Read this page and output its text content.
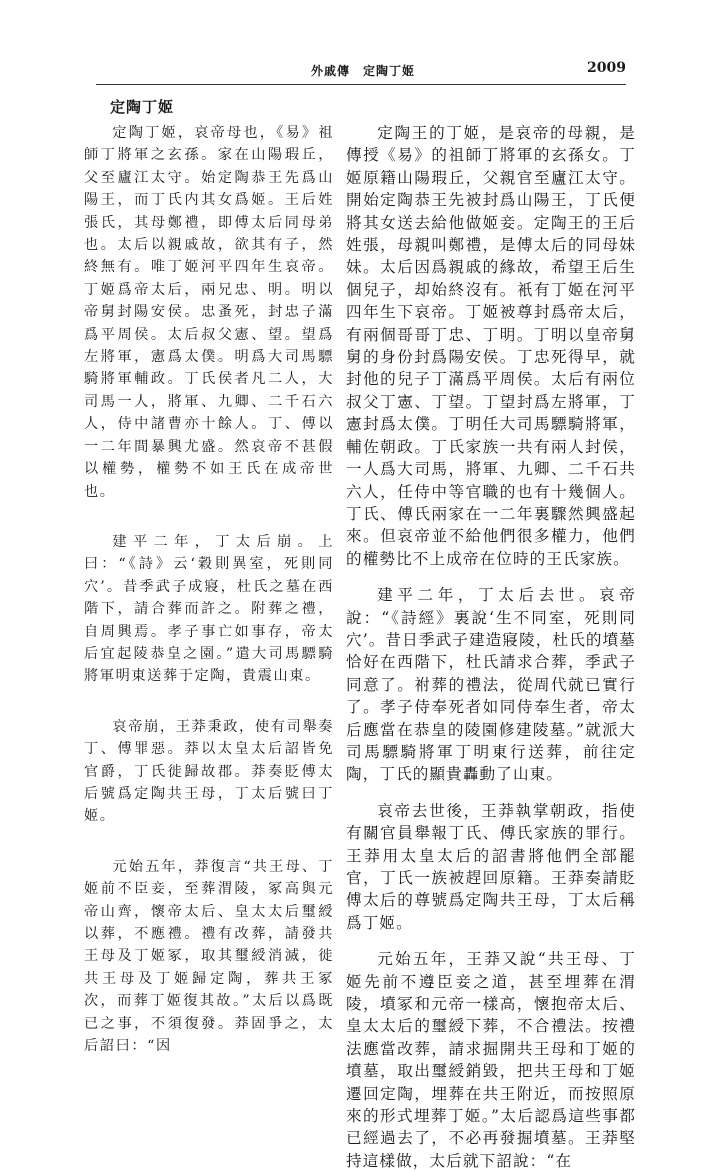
外戚傳　定陶丁姬	2009
定陶丁姬

定陶丁姬，哀帝母也，《易》祖師丁將軍之玄孫。家在山陽瑕丘，父至廬江太守。始定陶恭王先爲山陽王，而丁氏内其女爲姬。王后姓張氏，其母鄭禮，即傅太后同母弟也。太后以親戚故，欲其有子，然終無有。唯丁姬河平四年生哀帝。丁姬爲帝太后，兩兄忠、明。明以帝舅封陽安侯。忠蚤死，封忠子滿爲平周侯。太后叔父憲、望。望爲左將軍，憲爲太僕。明爲大司馬驃騎將軍輔政。丁氏侯者凡二人，大司馬一人，將軍、九卿、二千石六人，侍中諸曹亦十餘人。丁、傅以一二年間暴興尤盛。然哀帝不甚假以權勢，權勢不如王氏在成帝世也。

建平二年，丁太后崩。上曰：“《詩》云‘穀則異室，死則同穴’。昔季武子成寢，杜氏之墓在西階下，請合葬而許之。附葬之禮，自周興焉。孝子事亡如事存，帝太后宜起陵恭皇之園。”遣大司馬驃騎將軍明東送葬于定陶，貴震山東。

哀帝崩，王莽秉政，使有司舉奏丁、傅罪惡。莽以太皇太后詔皆免官爵，丁氏徙歸故郡。莽奏貶傅太后號爲定陶共王母，丁太后號曰丁姬。

元始五年，莽復言“共王母、丁姬前不臣妾，至葬渭陵，冢高與元帝山齊，懷帝太后、皇太太后璽綬以葬，不應禮。禮有改葬，請發共王母及丁姬冢，取其璽綬消滅，徙共王母及丁姬歸定陶，葬共王冢次，而葬丁姬復其故。”太后以爲既已之事，不須復發。莽固爭之，太后詔曰：“因

定陶王的丁姬，是哀帝的母親，是傳授《易》的祖師丁將軍的玄孫女。丁姬原籍山陽瑕丘，父親官至廬江太守。開始定陶恭王先被封爲山陽王，丁氏便將其女送去給他做姬妾。定陶王的王后姓張，母親叫鄭禮，是傅太后的同母妹妹。太后因爲親戚的緣故，希望王后生個兒子，却始終沒有。衹有丁姬在河平四年生下哀帝。丁姬被尊封爲帝太后，有兩個哥哥丁忠、丁明。丁明以皇帝舅舅的身份封爲陽安侯。丁忠死得早，就封他的兒子丁滿爲平周侯。太后有兩位叔父丁憲、丁望。丁望封爲左將軍，丁憲封爲太僕。丁明任大司馬驃騎將軍，輔佐朝政。丁氏家族一共有兩人封侯，一人爲大司馬，將軍、九卿、二千石共六人，任侍中等官職的也有十幾個人。丁氏、傅氏兩家在一二年裏驟然興盛起來。但哀帝並不給他們很多權力，他們的權勢比不上成帝在位時的王氏家族。

建平二年，丁太后去世。哀帝說：“《詩經》裏說‘生不同室，死則同穴’。昔日季武子建造寢陵，杜氏的墳墓恰好在西階下，杜氏請求合葬，季武子同意了。祔葬的禮法，從周代就已實行了。孝子侍奉死者如同侍奉生者，帝太后應當在恭皇的陵園修建陵墓。”就派大司馬驃騎將軍丁明東行送葬，前往定陶，丁氏的顯貴轟動了山東。

哀帝去世後，王莽執掌朝政，指使有關官員舉報丁氏、傅氏家族的罪行。王莽用太皇太后的詔書將他們全部罷官，丁氏一族被趕回原籍。王莽奏請貶傅太后的尊號爲定陶共王母，丁太后稱爲丁姬。

元始五年，王莽又說“共王母、丁姬先前不遵臣妾之道，甚至埋葬在渭陵，墳冢和元帝一樣高，懷抱帝太后、皇太太后的璽綬下葬，不合禮法。按禮法應當改葬，請求掘開共王母和丁姬的墳墓，取出璽綬銷毀，把共王母和丁姬遷回定陶，埋葬在共王附近，而按照原來的形式埋葬丁姬。”太后認爲這些事都已經過去了，不必再發掘墳墓。王莽堅持這樣做，太后就下詔說：“在
